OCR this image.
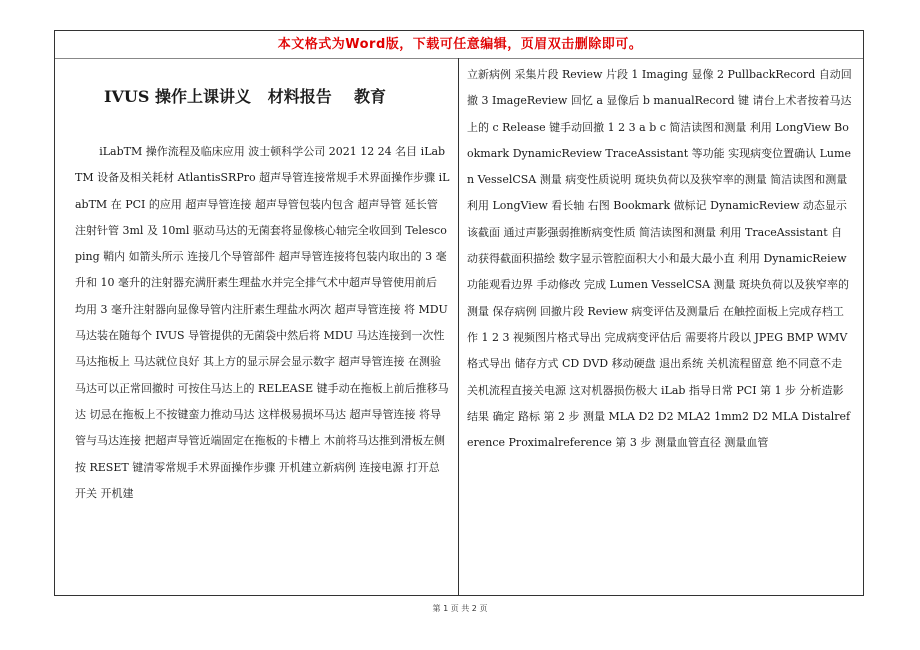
本文格式为Word版，下载可任意编辑，页眉双击删除即可。
IVUS 操作上课讲义   材料报告    教育
iLabTM 操作流程及临床应用 波士顿科学公司 2021 12 24 名目 iLabTM 设备及相关耗材 AtlantisSRPro 超声导管连接常规手术界面操作步骤 iLabTM 在 PCI 的应用 超声导管连接 超声导管包装内包含 超声导管 延长管 注射针管 3ml 及 10ml 驱动马达的无菌套将显像核心轴完全收回到 Telescoping 鞘内 如箭头所示 连接几个导管部件 超声导管连接将包装内取出的 3 毫升和 10 毫升的注射器充满肝素生理盐水并完全排气术中超声导管使用前后 均用 3 毫升注射器向显像导管内注肝素生理盐水两次 超声导管连接 将 MDU 马达装在随每个 IVUS 导管提供的无菌袋中然后将 MDU 马达连接到一次性马达拖板上 马达就位良好 其上方的显示屏会显示数字 超声导管连接 在测验马达可以正常回撤时 可按住马达上的 RELEASE 键手动在拖板上前后推移马达 切忌在拖板上不按键蛮力推动马达 这样极易损坏马达 超声导管连接 将导管与马达连接 把超声导管近端固定在拖板的卡槽上 木前将马达推到滑板左侧 按 RESET 键清零常规手术界面操作步骤 开机建立新病例 连接电源 打开总开关 开机建
立新病例 采集片段 Review 片段 1 Imaging 显像 2 PullbackRecord 自动回撤 3 ImageReview 回忆 a 显像后 b manualRecord 键 请台上术者按着马达上的 c Release 键手动回撤 1 2 3 a b c 简洁读图和测量 利用 LongView Bookmark DynamicReview TraceAssistant 等功能 实现病变位置确认 Lumen VesselCSA 测量 病变性质说明 斑块负荷以及狭窄率的测量 简洁读图和测量 利用 LongView 看长轴 右图 Bookmark 做标记 DynamicReview 动态显示该截面 通过声影强弱推断病变性质 简洁读图和测量 利用 TraceAssistant 自动获得截面积描绘 数字显示管腔面积大小和最大最小直 利用 DynamicReiew 功能观看边界 手动修改 完成 Lumen VesselCSA 测量 斑块负荷以及狭窄率的测量 保存病例 回撤片段 Review 病变评估及测量后 在触控面板上完成存档工作 1 2 3 视频图片格式导出 完成病变评估后 需要将片段以 JPEG BMP WMV 格式导出 储存方式 CD DVD 移动硬盘 退出系统 关机流程留意 绝不同意不走关机流程直接关电源 这对机器损伤极大 iLab 指导日常 PCI 第 1 步 分析造影结果 确定 路标 第 2 步 测量 MLA D2 D2 MLA2 1mm2 D2 MLA Distalreference Proximalreference 第 3 步 测量血管直径 测量血管
第 1 页 共 2 页
